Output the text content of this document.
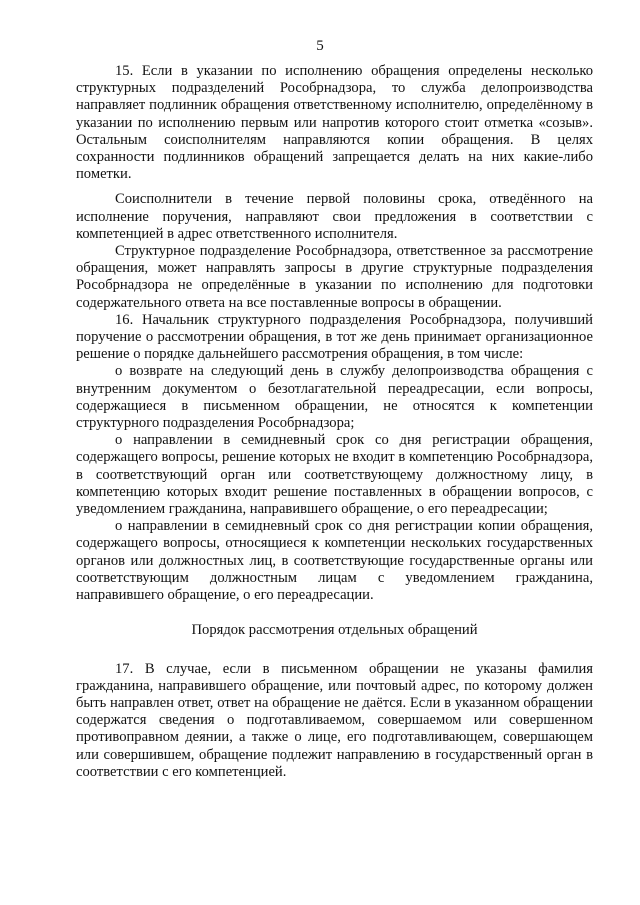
5

15. Если в указании по исполнению обращения определены несколько структурных подразделений Рособрнадзора, то служба делопроизводства направляет подлинник обращения ответственному исполнителю, определённому в указании по исполнению первым или напротив которого стоит отметка «созыв». Остальным соисполнителям направляются копии обращения. В целях сохранности подлинников обращений запрещается делать на них какие-либо пометки.

Соисполнители в течение первой половины срока, отведённого на исполнение поручения, направляют свои предложения в соответствии с компетенцией в адрес ответственного исполнителя.

Структурное подразделение Рособрнадзора, ответственное за рассмотрение обращения, может направлять запросы в другие структурные подразделения Рособрнадзора не определённые в указании по исполнению для подготовки содержательного ответа на все поставленные вопросы в обращении.

16. Начальник структурного подразделения Рособрнадзора, получивший поручение о рассмотрении обращения, в тот же день принимает организационное решение о порядке дальнейшего рассмотрения обращения, в том числе:

о возврате на следующий день в службу делопроизводства обращения с внутренним документом о безотлагательной переадресации, если вопросы, содержащиеся в письменном обращении, не относятся к компетенции структурного подразделения Рособрнадзора;

о направлении в семидневный срок со дня регистрации обращения, содержащего вопросы, решение которых не входит в компетенцию Рособрнадзора, в соответствующий орган или соответствующему должностному лицу, в компетенцию которых входит решение поставленных в обращении вопросов, с уведомлением гражданина, направившего обращение, о его переадресации;

о направлении в семидневный срок со дня регистрации копии обращения, содержащего вопросы, относящиеся к компетенции нескольких государственных органов или должностных лиц, в соответствующие государственные органы или соответствующим должностным лицам с уведомлением гражданина, направившего обращение, о его переадресации.

Порядок рассмотрения отдельных обращений

17. В случае, если в письменном обращении не указаны фамилия гражданина, направившего обращение, или почтовый адрес, по которому должен быть направлен ответ, ответ на обращение не даётся. Если в указанном обращении содержатся сведения о подготавливаемом, совершаемом или совершенном противоправном деянии, а также о лице, его подготавливающем, совершающем или совершившем, обращение подлежит направлению в государственный орган в соответствии с его компетенцией.
